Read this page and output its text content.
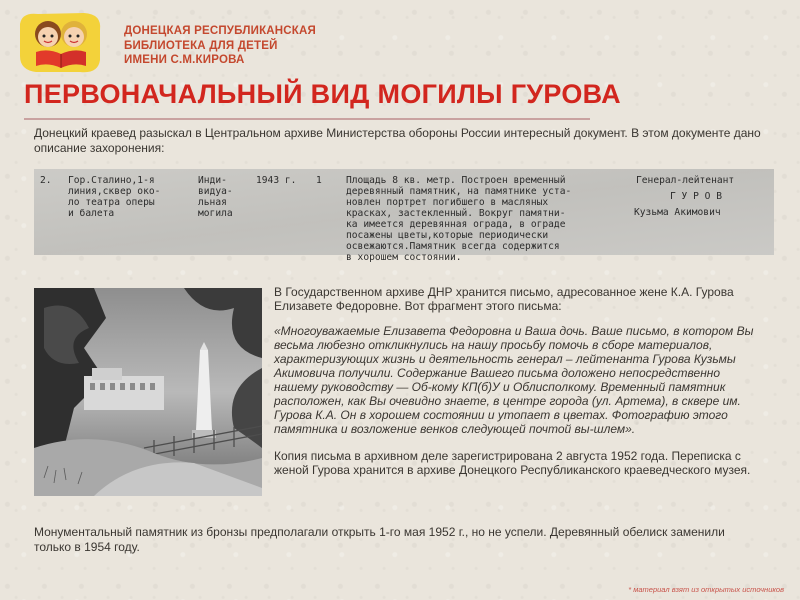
ДОНЕЦКАЯ РЕСПУБЛИКАНСКАЯ
БИБЛИОТЕКА ДЛЯ ДЕТЕЙ
ИМЕНИ С.М.КИРОВА
ПЕРВОНАЧАЛЬНЫЙ ВИД МОГИЛЫ ГУРОВА
Донецкий краевед разыскал в Центральном архиве Министерства обороны России интересный документ. В этом документе дано описание захоронения:
2. Гор.Сталино,1-я
линия,сквер око-
ло театра оперы
и балета
Инди-
видуа-
льная
могила
1943 г. 1	Площадь 8 кв. метр. Построен временный
деревянный памятник, на памятнике уста-
новлен портрет погибшего в масляных
красках, застекленный. Вокруг памятни-
ка имеется деревянная ограда, в ограде
посажены цветы,которые периодически
освежаются.Памятник всегда содержится
в хорошем состоянии.
Генерал-лейтенант
Г У Р О В
Кузьма Акимович

В Государственном архиве ДНР хранится письмо, адресованное жене К.А. Гурова Елизавете Федоровне. Вот фрагмент этого письма:

«Многоуважаемые Елизавета Федоровна и Ваша дочь. Ваше письмо, в котором Вы весьма любезно откликнулись на нашу просьбу помочь в сборе материалов, характеризующих жизнь и деятельность генерал – лейтенанта Гурова Кузьмы Акимовича получили. Содержание Вашего письма доложено непосредственно нашему руководству — Об-кому КП(б)У и Облисполкому. Временный памятник расположен, как Вы очевидно знаете, в центре города (ул. Артема), в сквере им. Гурова К.А. Он в хорошем состоянии и утопает в цветах. Фотографию этого памятника и возложение венков следующей почтой вы-шлем».

Копия письма в архивном деле зарегистрирована 2 августа 1952 года. Переписка с женой Гурова хранится в архиве Донецкого Республиканского краеведческого музея.

Монументальный памятник из бронзы предполагали открыть 1-го мая 1952 г., но не успели. Деревянный обелиск заменили только в 1954 году.
* материал взят из открытых источников
